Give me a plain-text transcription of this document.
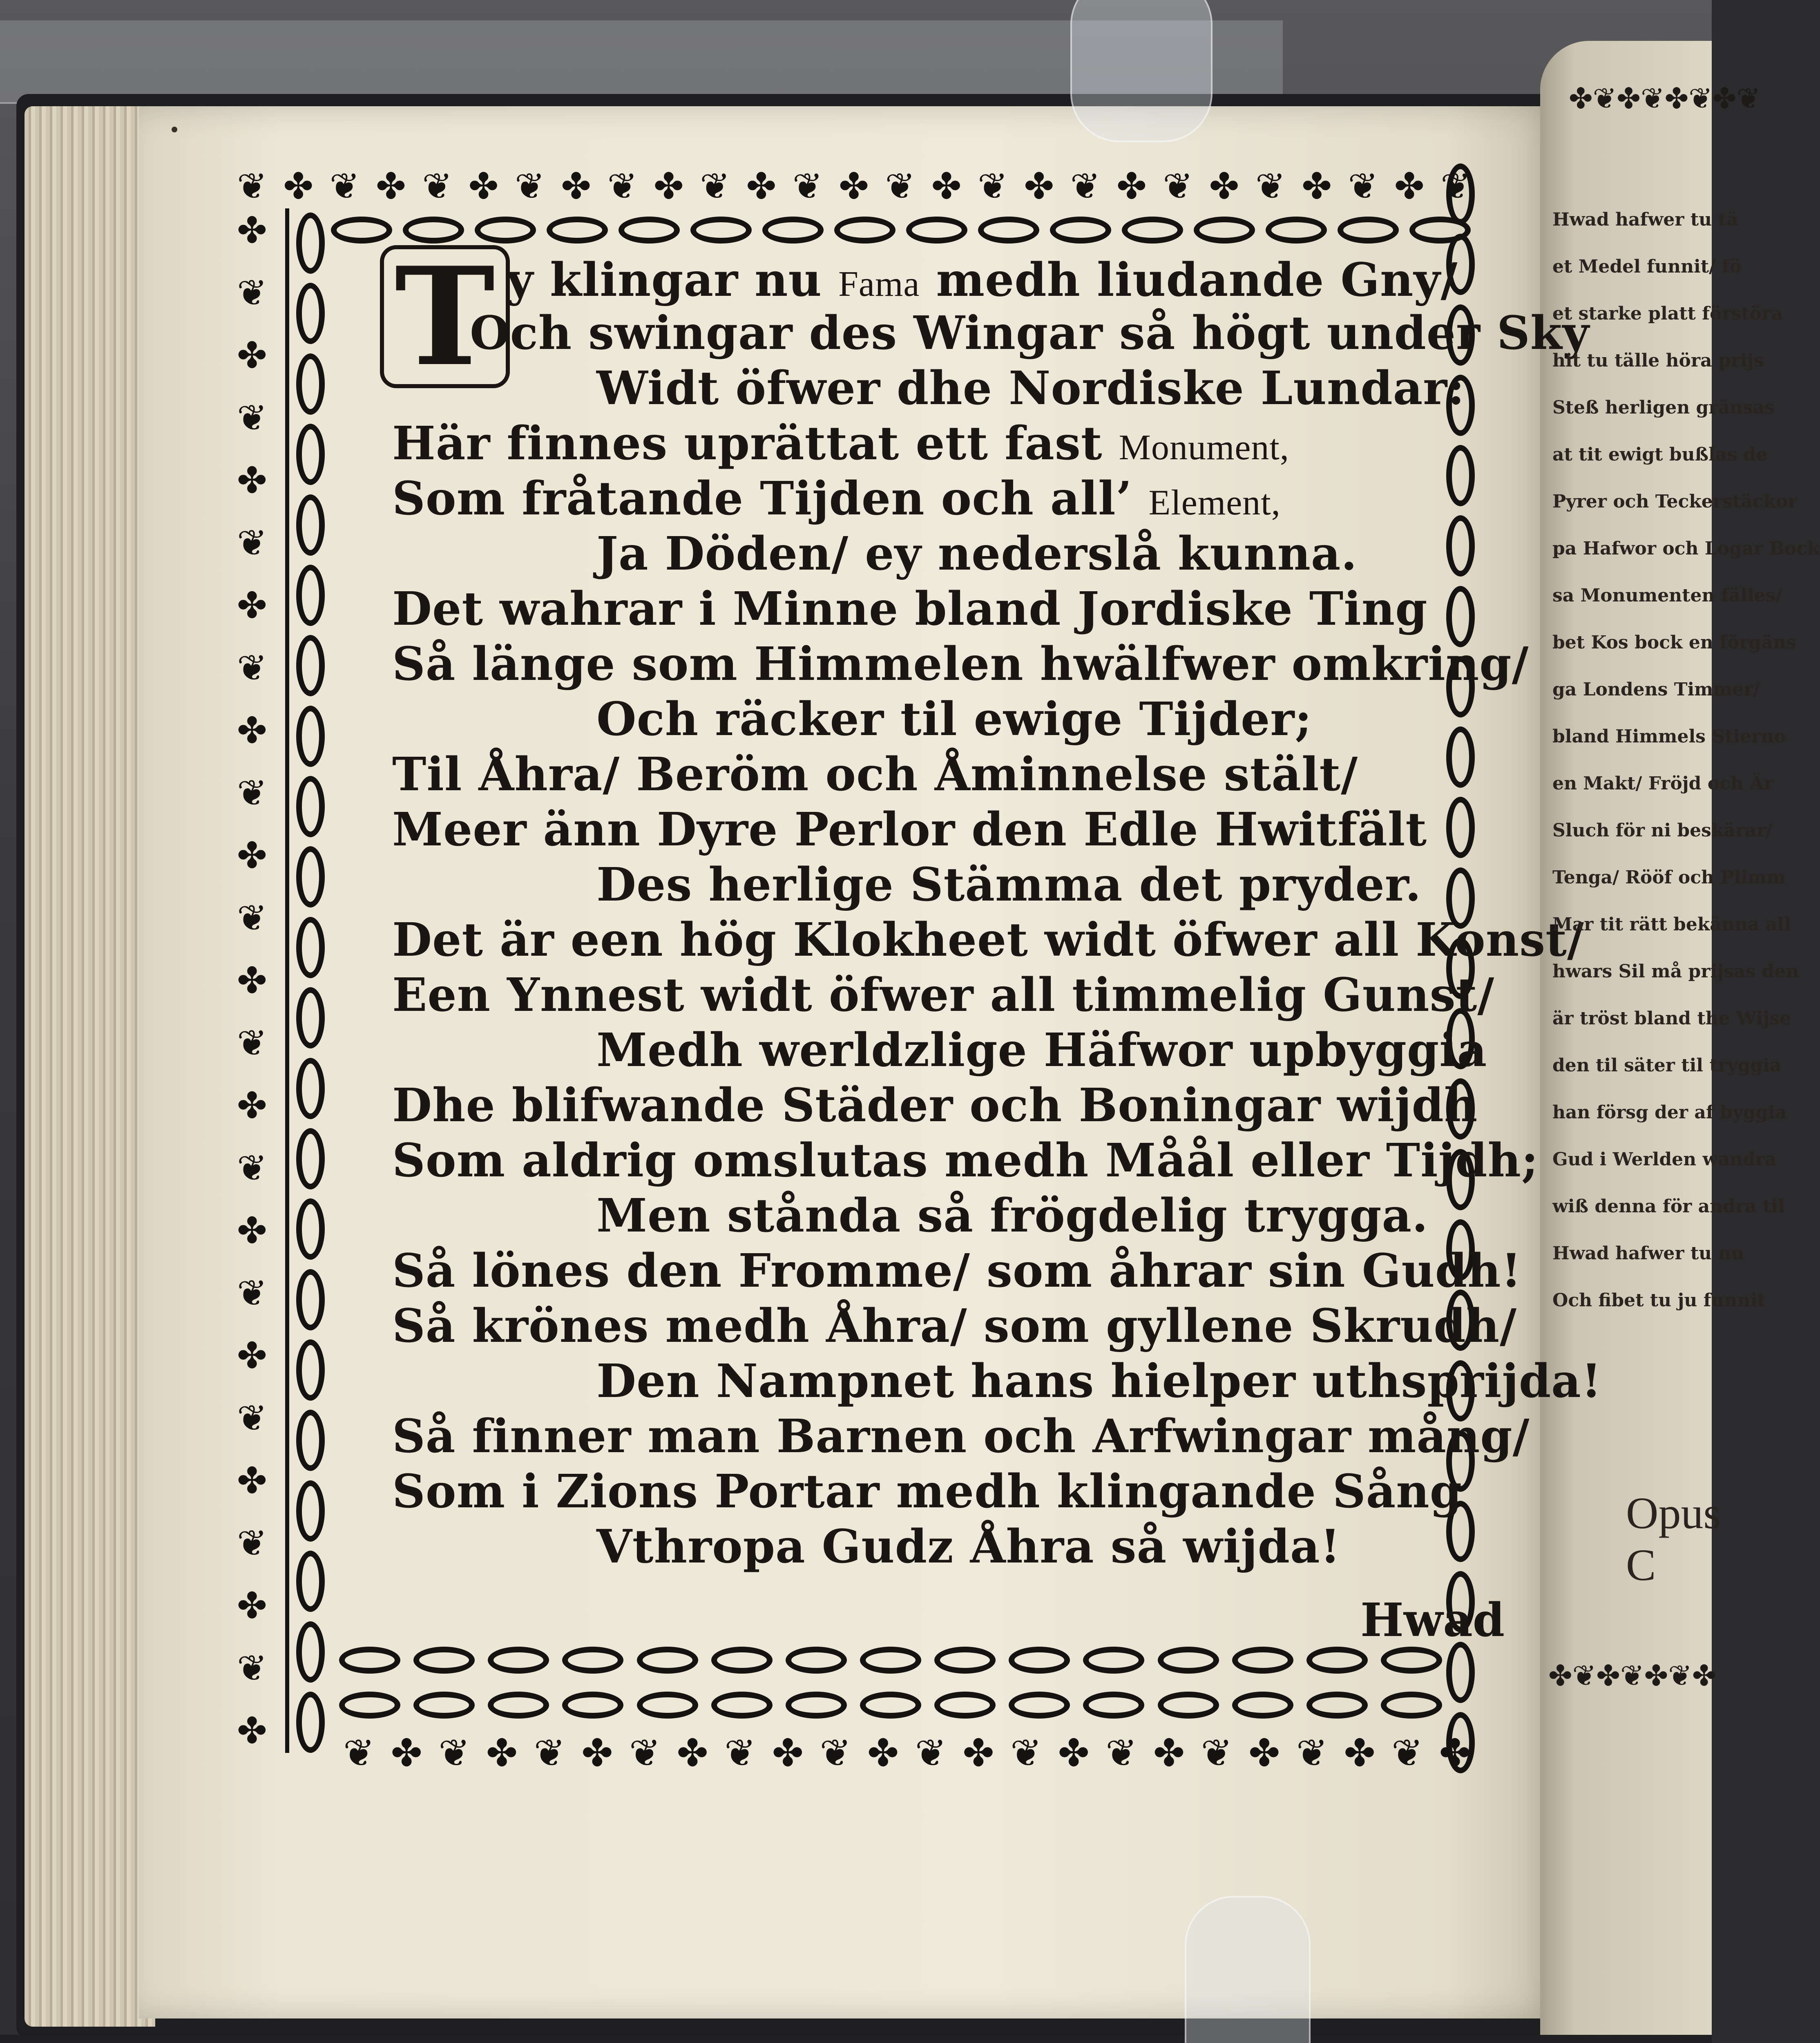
❦ ✤ ❦ ✤ ❦ ✤ ❦ ✤ ❦ ✤ ❦ ✤ ❦ ✤ ❦ ✤ ❦ ✤ ❦ ✤ ❦ ✤ ❦ ✤ ❦ ✤ ❦
✤
❦
✤
❦
✤
❦
✤
❦
✤
❦
✤
❦
✤
❦
✤
❦
✤
❦
✤
❦
✤
❦
✤
❦
✤
❦ ✤ ❦ ✤ ❦ ✤ ❦ ✤ ❦ ✤ ❦ ✤ ❦ ✤ ❦ ✤ ❦ ✤ ❦ ✤ ❦ ✤ ❦ ✤
T y klingar nu Fama medh liudande Gny/
Och swingar des Wingar så högt under Sky
Widt öfwer dhe Nordiske Lundar:
Här finnes uprättat ett fast Monument,
Som fråtande Tijden och all’ Element,
Ja Döden/ ey nederslå kunna.
Det wahrar i Minne bland Jordiske Ting
Så länge som Himmelen hwälfwer omkring/
Och räcker til ewige Tijder;
Til Åhra/ Beröm och Åminnelse stält/
Meer änn Dyre Perlor den Edle Hwitfält
Des herlige Stämma det pryder.
Det är een hög Klokheet widt öfwer all Konst/
Een Ynnest widt öfwer all timmelig Gunst/
Medh werldzlige Häfwor upbyggia
Dhe blifwande Städer och Boningar wijdh
Som aldrig omslutas medh Måål eller Tijdh;
Men stånda så frögdelig trygga.
Så lönes den Fromme/ som åhrar sin Gudh!
Så krönes medh Åhra/ som gyllene Skrudh/
Den Nampnet hans hielper uthsprijda!
Så finner man Barnen och Arfwingar mång/
Som i Zions Portar medh klingande Sång
Vthropa Gudz Åhra så wijda!
Hwad
✤❦✤❦✤❦✤❦
Hwad hafwer tu tä
et Medel funnit/ fö
et starke platt förstöra
hit tu tälle höra prijs
Steß herligen gränsas
at tit ewigt bußlas de
Pyrer och Teckerstäckor
pa Hafwor och Logar Bock
sa Monumenten fälles/
bet Kos bock en förgäns
ga Londens Timmer/
bland Himmels Stierno
en Makt/ Fröjd och Är
Sluch för ni beskärar/
Tenga/ Rööf och Plimm
Mar tit rätt bekänna all
hwars Sil må prijsas den
är tröst bland the Wijse
den til säter til tryggia
han försg der af byggia
Gud i Werlden wandra
wiß denna för andra til
Hwad hafwer tu nu
Och fibet tu ju funnit
Opus C
✤❦✤❦✤❦✤
